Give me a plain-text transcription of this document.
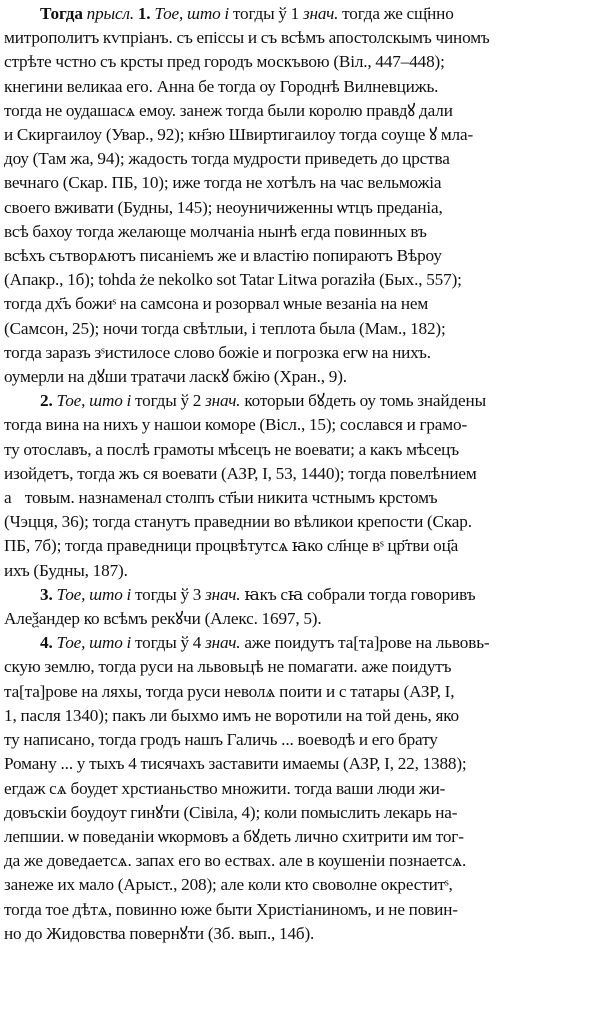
Тогда прысл. 1. Тое, што і тогды ў 1 знач. тогда же сщ҃нно
митрополитъ кѵпріанъ. съ епіссы и съ всѣмъ апостолскымъ чиномъ
стрѣте чстно съ крсты пред городъ москъвою (Віл., 447–448);
кнегини великаа его. Анна бе тогда оу Городнѣ Вилневцижь.
тогда не оудашасѧ емоу. занеж тогда были королю правдꙋ дали
и Скиргаилоу (Увар., 92); кн҃зю Швиртигаилоу тогда соуще ꙋ мла-
доу (Там жа, 94); жадость тогда мудрости приведеть до црства
вечнаго (Скар. ПБ, 10); иже тогда не хотѣлъ на час вельможіа
своего вживати (Будны, 145); неоуничиженны ѡтцъ преданіа,
всѣ бахоу тогда желающе молчаніа нынѣ егда повинных въ
всѣхъ сътворѧютъ писанiемъ же и властiю попираютъ Вѣроу
(Апакр., 1б); tohda że nekolko sot Tatar Litwa poraziła (Бых., 557);
тогда дх҃ъ божиˢ на самсона и розорвал ѡные везаніа на нем
(Самсон, 25); ночи тогда свѣтлыи, і теплота была (Мам., 182);
тогда заразъ зˢистилосе слово божіе и погрозка егѡ на нихъ.
оумерли на дꙋши тратачи ласкꙋ бжію (Хран., 9).
2. Тое, што і тогды ў 2 знач. которыи бꙋдеть оу томь знайдены
тогда вина на нихъ у нашои коморе (Вісл., 15); сослався и грамо-
ту отославъ, а послѣ грамоты мѣсецъ не воевати; а какъ мѣсецъ
изойдетъ, тогда жъ ся воевати (АЗР, І, 53, 1440); тогда повелѣнием
аⷩтовым. назнаменал столпъ ст҃ыи никита чстнымъ крстомъ
(Чэцця, 36); тогда станутъ праведнии во вѣликои крепости (Скар.
ПБ, 7б); тогда праведници процвѣтутсѧ ꙗко сл҃нце вˢ цр҃тви оц҃а
ихъ (Будны, 187).
3. Тое, што і тогды ў 3 знач. ꙗкъ сꙗ собрали тогда говоривъ
Алеѯандер ко всѣмъ рекꙋчи (Алекс. 1697, 5).
4. Тое, што і тогды ў 4 знач. аже поидутъ та[та]рове на львовь-
скую землю, тогда руси на львовьцѣ не помагати. аже поидутъ
та[та]рове на ляхы, тогда руси неволѧ поити и с татары (АЗР, І,
1, пасля 1340); пакъ ли быхмо имъ не воротили на той день, яко
ту написано, тогда гродъ нашъ Галичь ... воеводѣ и его брату
Роману ... у тыхъ 4 тисячахъ заставити имаемы (АЗР, І, 22, 1388);
егдаж сѧ боудет хрстиaньство множити. тогда ваши люди жи-
довъскіи боудоут гинꙋти (Сівіла, 4); коли помыслить лекарь на-
лепшии. ѡ поведаніи ѡкормовъ а бꙋдеть лично схитрити им тог-
да же доведаетсѧ. запах его во ествах. але в коушеніи познаетсѧ.
занеже их мало (Арыст., 208); але коли кто своволне окреститˢ,
тогда тое дѣтѧ, повинно юже быти Христіаниномъ, и не повин-
но до Жидовства повернꙋти (Зб. вып., 14б).
